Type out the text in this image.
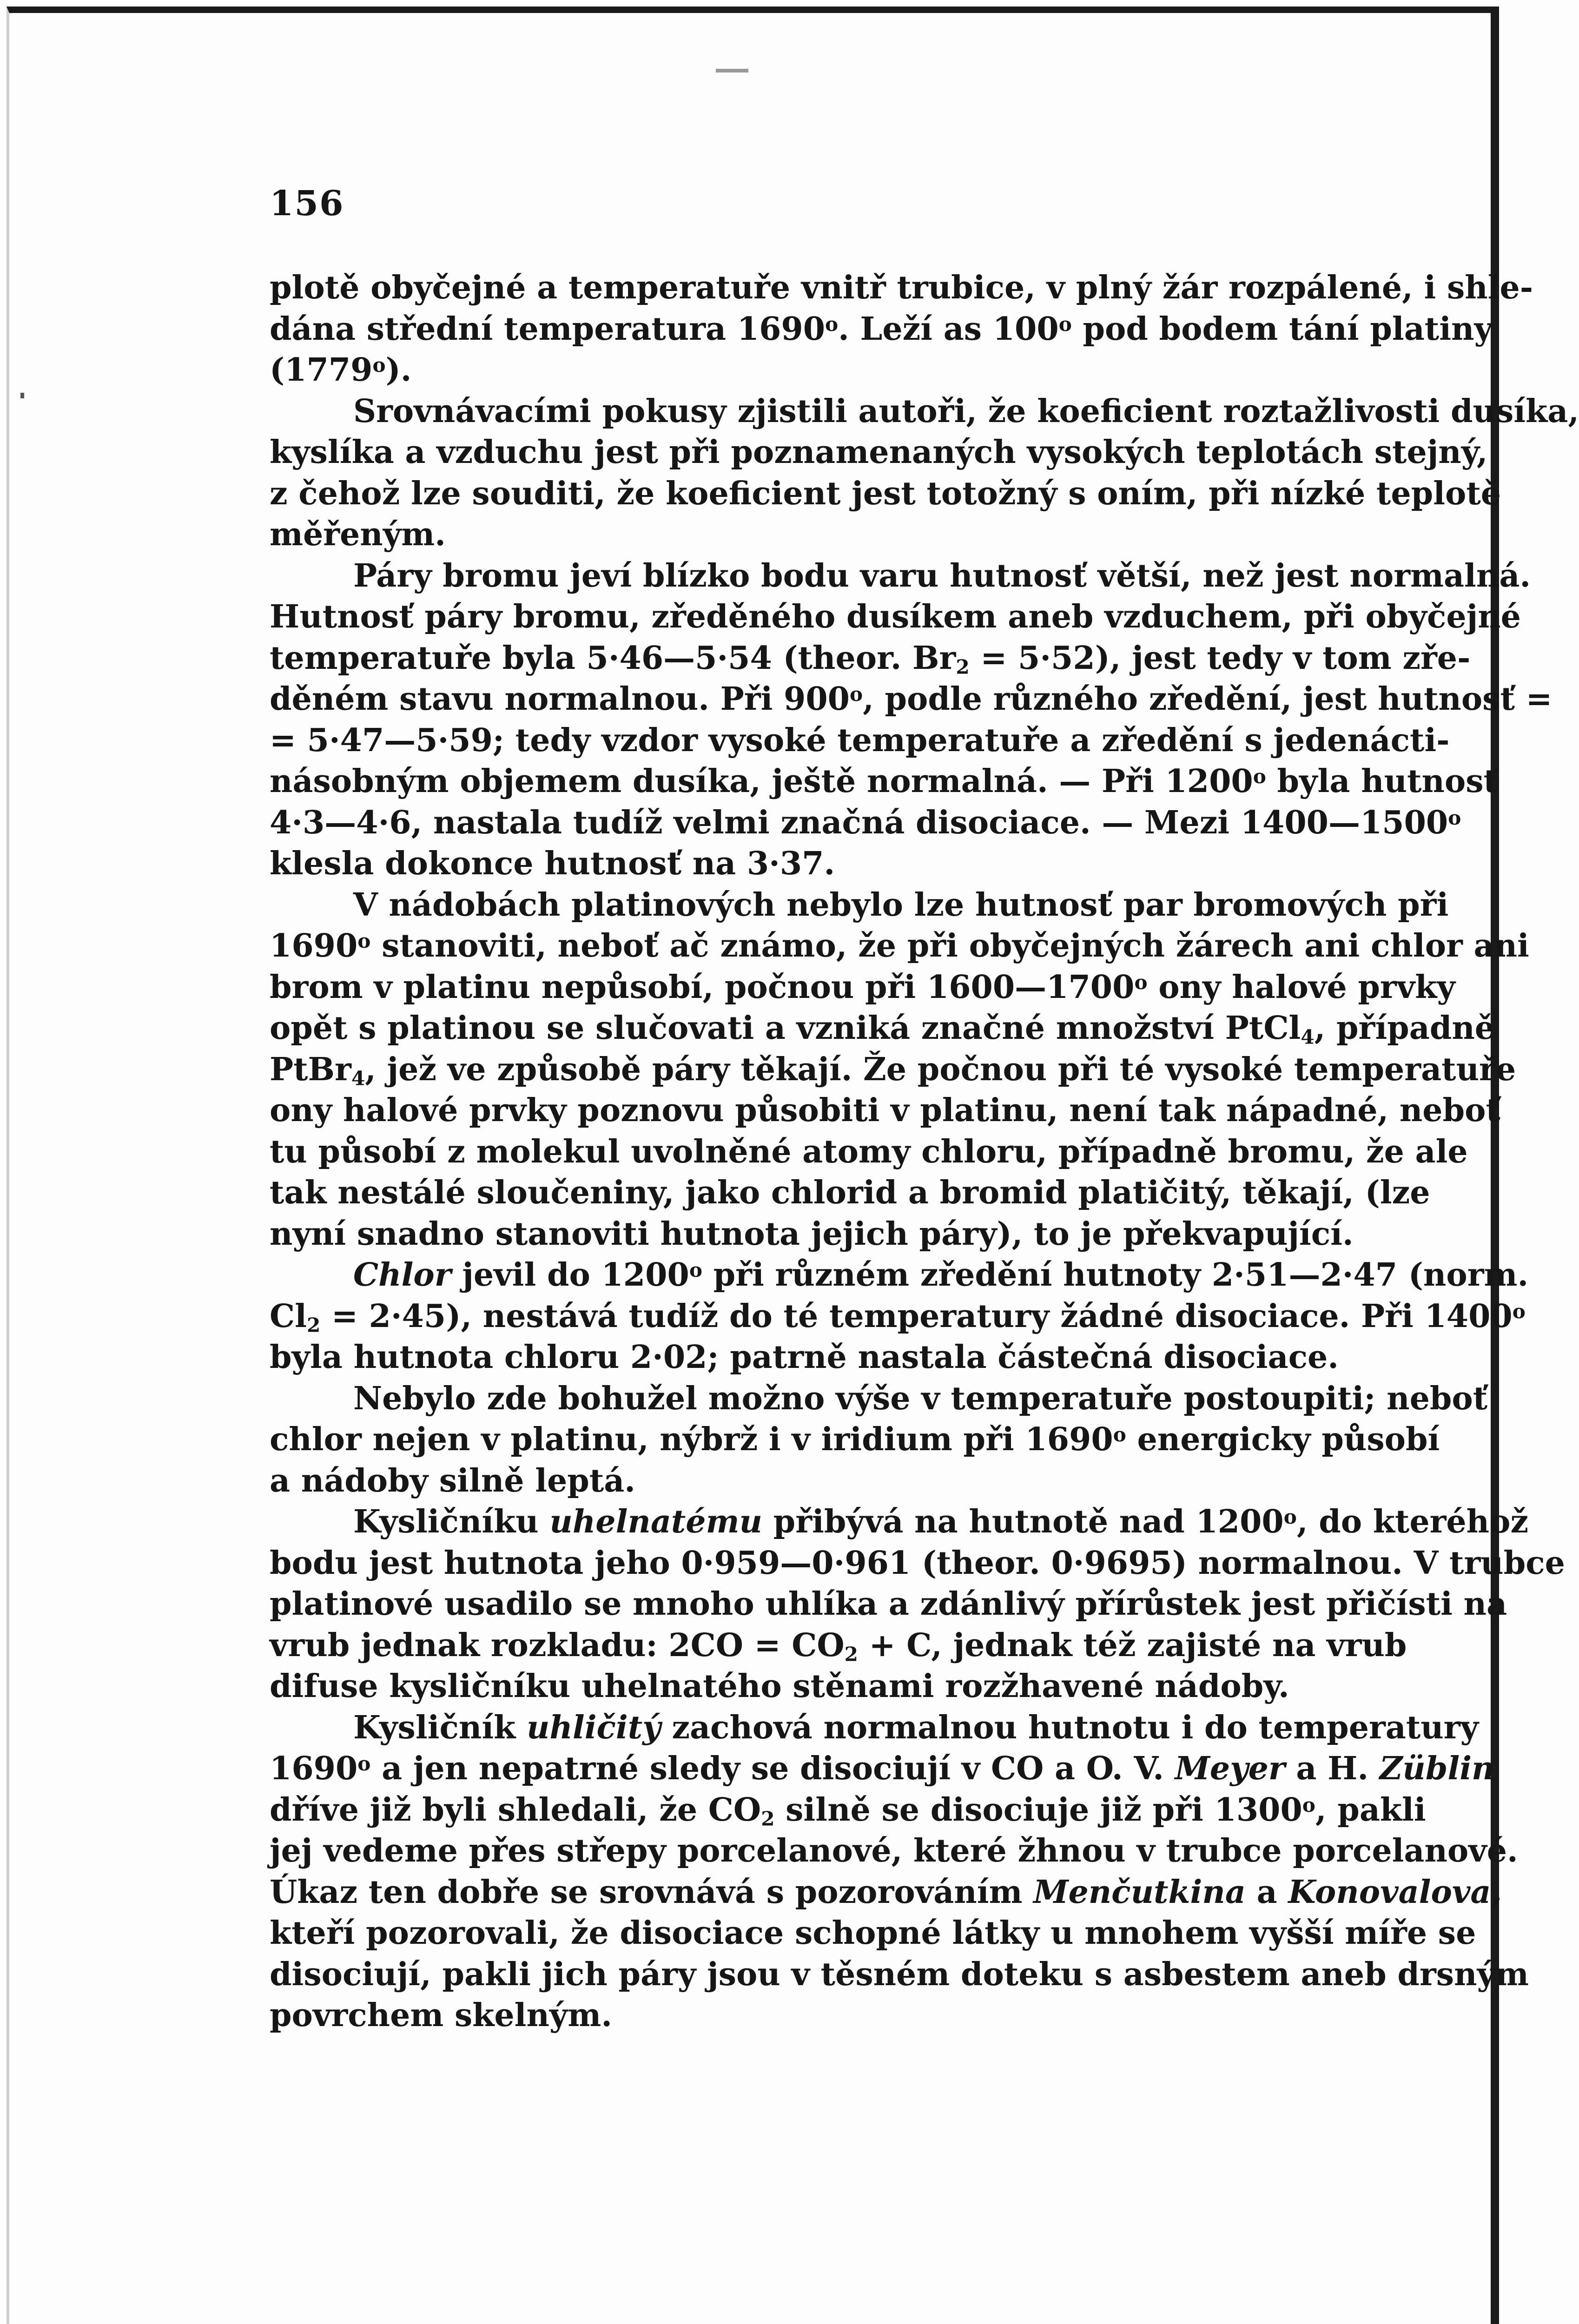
156
plotě obyčejné a temperatuře vnitř trubice, v plný žár rozpálené, i shle-
dána střední temperatura 1690$^o$. Leží as 100$^o$ pod bodem tání platiny
(1779$^o$).
Srovnávacími pokusy zjistili autoři, že koeficient roztažlivosti dusíka,
kyslíka a vzduchu jest při poznamenaných vysokých teplotách stejný,
z čehož lze souditi, že koeficient jest totožný s oním, při nízké teplotě
měřeným.
Páry bromu jeví blízko bodu varu hutnosť větší, než jest normalná.
Hutnosť páry bromu, zředěného dusíkem aneb vzduchem, při obyčejné
temperatuře byla 5·46—5·54 (theor. $Br_2 = 5\cdot 52$), jest tedy v tom zře-
děném stavu normalnou. Při 900$^o$, podle různého zředění, jest hutnosť =
= 5·47—5·59; tedy vzdor vysoké temperatuře a zředění s jedenácti-
násobným objemem dusíka, ještě normalná. — Při 1200$^o$ byla hutnosť
4·3—4·6, nastala tudíž velmi značná disociace. — Mezi 1400—1500$^o$
klesla dokonce hutnosť na 3·37.
V nádobách platinových nebylo lze hutnosť par bromových při
1690$^o$ stanoviti, neboť ač známo, že při obyčejných žárech ani chlor ani
brom v platinu nepůsobí, počnou při 1600—1700$^o$ ony halové prvky
opět s platinou se slučovati a vzniká značné množství PtCl$_4$, případně
PtBr$_4$, jež ve způsobě páry těkají. Že počnou při té vysoké temperatuře
ony halové prvky poznovu působiti v platinu, není tak nápadné, neboť
tu působí z molekul uvolněné atomy chloru, případně bromu, že ale
tak nestálé sloučeniny, jako chlorid a bromid platičitý, těkají, (lze
nyní snadno stanoviti hutnota jejich páry), to je překvapující.
Chlor jevil do 1200$^o$ při různém zředění hutnoty 2·51—2·47 (norm.
$Cl_2 = 2\cdot 45$), nestává tudíž do té temperatury žádné disociace. Při 1400$^o$
byla hutnota chloru 2·02; patrně nastala částečná disociace.
Nebylo zde bohužel možno výše v temperatuře postoupiti; neboť
chlor nejen v platinu, nýbrž i v iridium při 1690$^o$ energicky působí
a nádoby silně leptá.
Kysličníku uhelnatému přibývá na hutnotě nad 1200$^o$, do kteréhož
bodu jest hutnota jeho 0·959—0·961 (theor. 0·9695) normalnou. V trubce
platinové usadilo se mnoho uhlíka a zdánlivý přírůstek jest přičísti na
vrub jednak rozkladu: $2CO = CO_2 + C$, jednak též zajisté na vrub
difuse kysličníku uhelnatého stěnami rozžhavené nádoby.
Kysličník uhličitý zachová normalnou hutnotu i do temperatury
1690$^o$ a jen nepatrné sledy se disociují v CO a O. V. Meyer a H. Züblin
dříve již byli shledali, že $CO_2$ silně se disociuje již při 1300$^o$, pakli
jej vedeme přes střepy porcelanové, které žhnou v trubce porcelanové.
Úkaz ten dobře se srovnává s pozorováním Menčutkina a Konovalova,
kteří pozorovali, že disociace schopné látky u mnohem vyšší míře se
disociují, pakli jich páry jsou v těsném doteku s asbestem aneb drsným
povrchem skelným.
